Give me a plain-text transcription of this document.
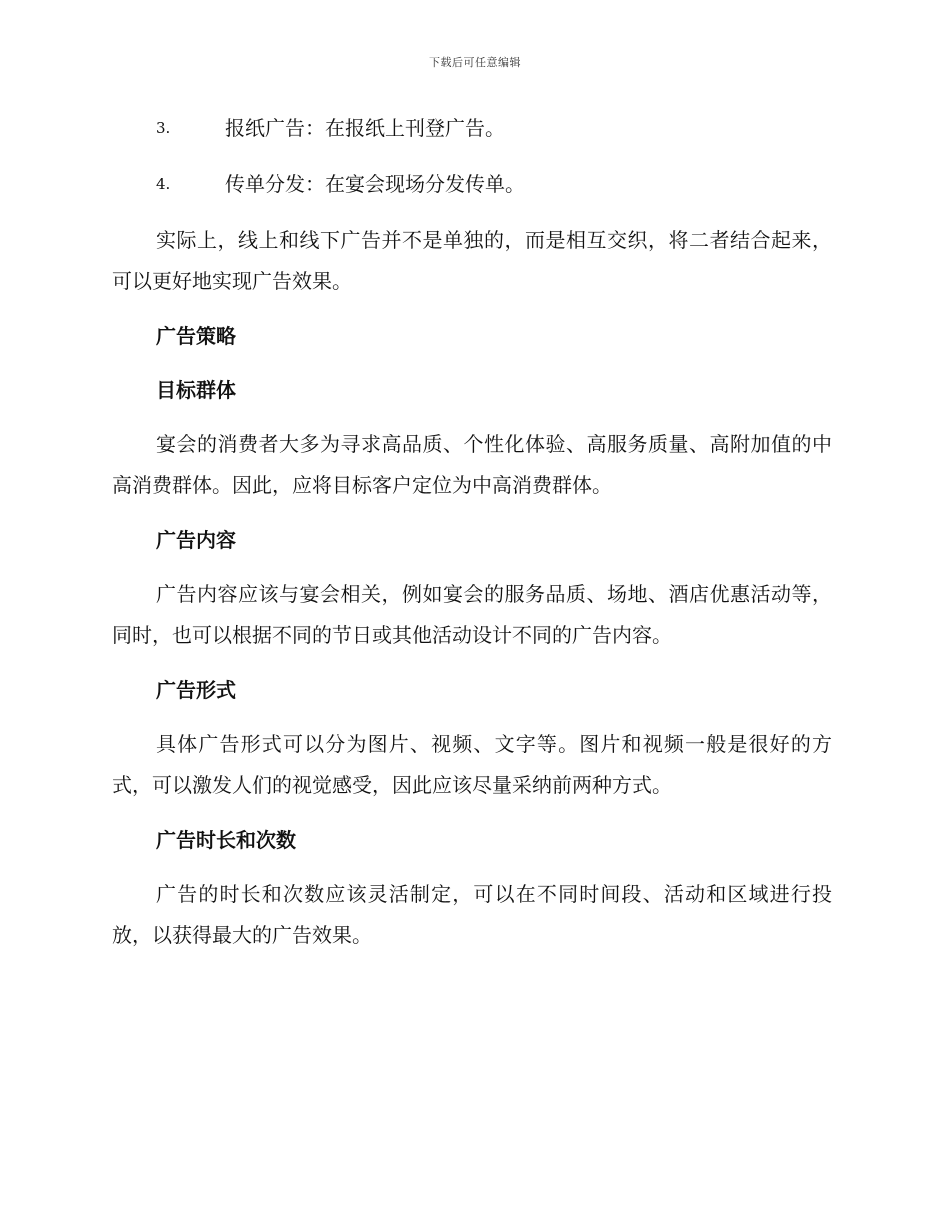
下载后可任意编辑
3.	报纸广告：在报纸上刊登广告。
4.	传单分发：在宴会现场分发传单。

实际上，线上和线下广告并不是单独的，而是相互交织，将二者结合起来，可以更好地实现广告效果。

广告策略
目标群体

宴会的消费者大多为寻求高品质、个性化体验、高服务质量、高附加值的中高消费群体。因此，应将目标客户定位为中高消费群体。

广告内容

广告内容应该与宴会相关，例如宴会的服务品质、场地、酒店优惠活动等，同时，也可以根据不同的节日或其他活动设计不同的广告内容。

广告形式

具体广告形式可以分为图片、视频、文字等。图片和视频一般是很好的方式，可以激发人们的视觉感受，因此应该尽量采纳前两种方式。

广告时长和次数

广告的时长和次数应该灵活制定，可以在不同时间段、活动和区域进行投放，以获得最大的广告效果。
